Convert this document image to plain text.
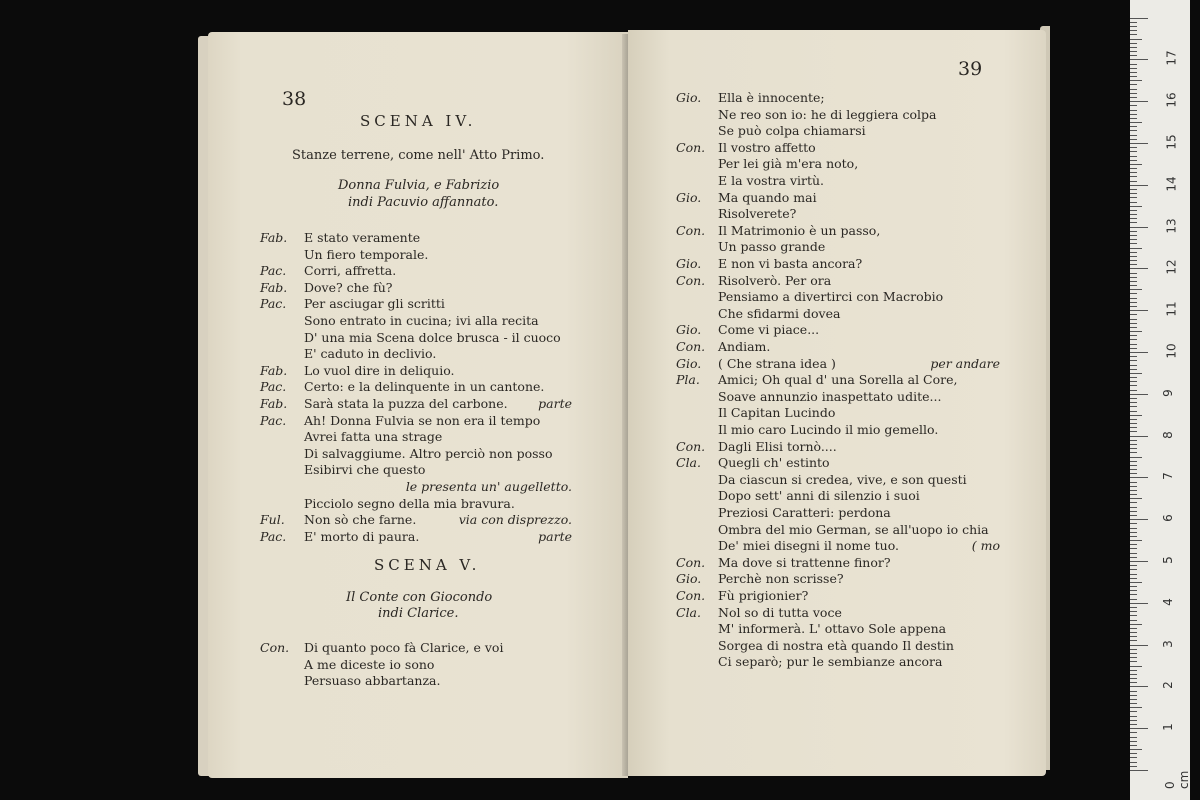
38
SCENA IV.
Stanze terrene, come nell' Atto Primo.
Donna Fulvia, e Fabrizio
indi Pacuvio affannato.
Fab. E stato veramente
Un fiero temporale.
Pac. Corri, affretta.
Fab. Dove? che fù?
Pac. Per asciugar gli scritti
Sono entrato in cucina; ivi alla recita
D' una mia Scena dolce brusca - il cuoco
E' caduto in declivio.
Fab. Lo vuol dire in deliquio.
Pac. Certo: e la delinquente in un cantone.
Fab. Sarà stata la puzza del carbone. parte
Pac. Ah! Donna Fulvia se non era il tempo
Avrei fatta una strage
Di salvaggiume. Altro perciò non posso
Esibirvi che questo
le presenta un' augelletto.
Picciolo segno della mia bravura.
Ful. Non sò che farne.	via con disprezzo.
Pac. E' morto di paura.	parte
SCENA V.
Il Conte con Giocondo
indi Clarice.
Con. Di quanto poco fà Clarice, e voi
A me diceste io sono
Persuaso abbartanza.
39
Gio. Ella è innocente;
Ne reo son io: he di leggiera colpa
Se può colpa chiamarsi
Con. Il vostro affetto
Per lei già m'era noto,
E la vostra virtù.
Gio. Ma quando mai
Risolverete?
Con. Il Matrimonio è un passo,
Un passo grande
Gio. E non vi basta ancora?
Con. Risolverò. Per ora
Pensiamo a divertirci con Macrobio
Che sfidarmi dovea
Gio. Come vi piace...
Con. Andiam.
Gio. ( Che strana idea )	per andare
Pla. Amici; Oh qual d' una Sorella al Core,
Soave annunzio inaspettato udite...
Il Capitan Lucindo
Il mio caro Lucindo il mio gemello.
Con. Dagli Elisi tornò....
Cla. Quegli ch' estinto
Da ciascun si credea, vive, e son questi
Dopo sett' anni di silenzio i suoi
Preziosi Caratteri: perdona
Ombra del mio German, se all'uopo io chia
De' miei disegni il nome tuo.	( mo
Con. Ma dove si trattenne finor?
Gio. Perchè non scrisse?
Con. Fù prigionier?
Cla. Nol so di tutta voce
M' informerà. L' ottavo Sole appena
Sorgea di nostra età quando Il destin
Ci separò; pur le sembianze ancora
0 cm
1
2
3
4
5
6
7
8
9
10
11
12
13
14
15
16
17
